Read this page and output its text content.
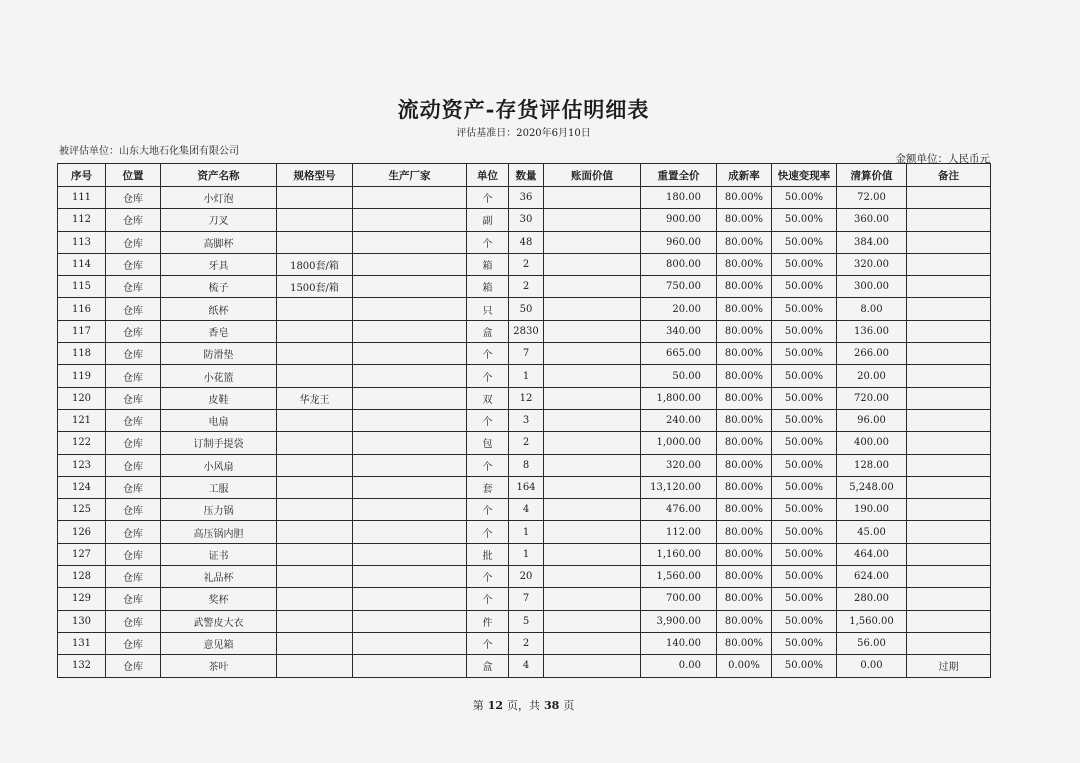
流动资产-存货评估明细表
评估基准日：2020年6月10日
被评估单位：山东大地石化集团有限公司
金额单位：人民币元
序号	位置	资产名称	规格型号	生产厂家	单位	数量	账面价值	重置全价	成新率	快速变现率	清算价值	备注
111	仓库	小灯泡			个	36		180.00	80.00%	50.00%	72.00	
112	仓库	刀叉			副	30		900.00	80.00%	50.00%	360.00	
113	仓库	高脚杯			个	48		960.00	80.00%	50.00%	384.00	
114	仓库	牙具	1800套/箱		箱	2		800.00	80.00%	50.00%	320.00	
115	仓库	梳子	1500套/箱		箱	2		750.00	80.00%	50.00%	300.00	
116	仓库	纸杯			只	50		20.00	80.00%	50.00%	8.00	
117	仓库	香皂			盒	2830		340.00	80.00%	50.00%	136.00	
118	仓库	防滑垫			个	7		665.00	80.00%	50.00%	266.00	
119	仓库	小花篮			个	1		50.00	80.00%	50.00%	20.00	
120	仓库	皮鞋	华龙王		双	12		1,800.00	80.00%	50.00%	720.00	
121	仓库	电扇			个	3		240.00	80.00%	50.00%	96.00	
122	仓库	订制手提袋			包	2		1,000.00	80.00%	50.00%	400.00	
123	仓库	小风扇			个	8		320.00	80.00%	50.00%	128.00	
124	仓库	工服			套	164		13,120.00	80.00%	50.00%	5,248.00	
125	仓库	压力锅			个	4		476.00	80.00%	50.00%	190.00	
126	仓库	高压锅内胆			个	1		112.00	80.00%	50.00%	45.00	
127	仓库	证书			批	1		1,160.00	80.00%	50.00%	464.00	
128	仓库	礼品杯			个	20		1,560.00	80.00%	50.00%	624.00	
129	仓库	奖杯			个	7		700.00	80.00%	50.00%	280.00	
130	仓库	武警皮大衣			件	5		3,900.00	80.00%	50.00%	1,560.00	
131	仓库	意见箱			个	2		140.00	80.00%	50.00%	56.00	
132	仓库	茶叶			盒	4		0.00	0.00%	50.00%	0.00	过期
第 12 页，共 38 页
